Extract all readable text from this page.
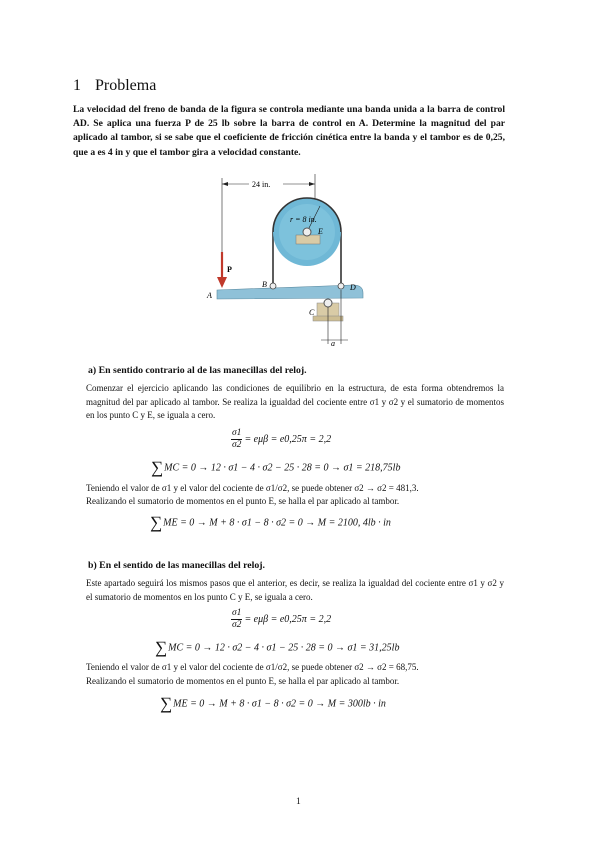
1 Problema
La velocidad del freno de banda de la figura se controla mediante una banda unida a la barra de control AD. Se aplica una fuerza P de 25 lb sobre la barra de control en A. Determine la magnitud del par aplicado al tambor, si se sabe que el coeficiente de fricción cinética entre la banda y el tambor es de 0,25, que a es 4 in y que el tambor gira a velocidad constante.
24 in.
r = 8 in.
E
B	D
C
a
P
A
a) En sentido contrario al de las manecillas del reloj.
Comenzar el ejercicio aplicando las condiciones de equilibrio en la estructura, de esta forma obtendremos la magnitud del par aplicado al tambor. Se realiza la igualdad del cociente entre σ1 y σ2 y el sumatorio de momentos en los punto C y E, se iguala a cero.
$\frac{\sigma 1}{\sigma 2} = e\mu\beta = e0,25\pi = 2,2$
∑MC = 0 → 12 · σ1 − 4 · σ2 − 25 · 28 = 0 → σ1 = 218,75lb
Teniendo el valor de σ1 y el valor del cociente de σ1/σ2, se puede obtener σ2 → σ2 = 481,3.
Realizando el sumatorio de momentos en el punto E, se halla el par aplicado al tambor.
∑ME = 0 → M + 8 · σ1 − 8 · σ2 = 0 → M = 2100, 4lb · in
b) En el sentido de las manecillas del reloj.
Este apartado seguirá los mismos pasos que el anterior, es decir, se realiza la igualdad del cociente entre σ1 y σ2 y el sumatorio de momentos en los punto C y E, se iguala a cero.
$\frac{\sigma 1}{\sigma 2} = e\mu\beta = e0,25\pi = 2,2$
∑MC = 0 → 12 · σ2 − 4 · σ1 − 25 · 28 = 0 → σ1 = 31,25lb
Teniendo el valor de σ1 y el valor del cociente de σ1/σ2, se puede obtener σ2 → σ2 = 68,75.
Realizando el sumatorio de momentos en el punto E, se halla el par aplicado al tambor.
∑ME = 0 → M + 8 · σ1 − 8 · σ2 = 0 → M = 300lb · in
1
